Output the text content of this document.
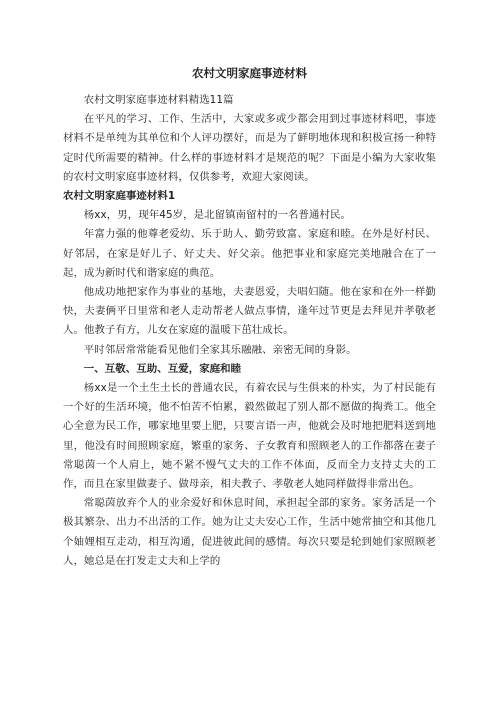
农村文明家庭事迹材料

农村文明家庭事迹材料精选11篇

在平凡的学习、工作、生活中，大家或多或少都会用到过事迹材料吧，事迹材料不是单纯为其单位和个人评功摆好，而是为了鲜明地体现和积极宣扬一种特定时代所需要的精神。什么样的事迹材料才是规范的呢？下面是小编为大家收集的农村文明家庭事迹材料，仅供参考，欢迎大家阅读。

农村文明家庭事迹材料1

杨xx，男，现年45岁，是北留镇南留村的一名普通村民。

年富力强的他尊老爱幼、乐于助人、勤劳致富、家庭和睦。在外是好村民、好邻居，在家是好儿子、好丈夫、好父亲。他把事业和家庭完美地融合在了一起，成为新时代和谐家庭的典范。

他成功地把家作为事业的基地，夫妻恩爱，夫唱妇随。他在家和在外一样勤快，夫妻俩平日里常和老人走动帮老人做点事情，逢年过节更是去拜见并孝敬老人。他教子有方，儿女在家庭的温暖下茁壮成长。

平时邻居常常能看见他们全家其乐融融、亲密无间的身影。

一、互敬、互助、互爱，家庭和睦

杨xx是一个土生土长的普通农民，有着农民与生俱来的朴实，为了村民能有一个好的生活环境，他不怕苦不怕累，毅然做起了别人都不愿做的掏粪工。他全心全意为民工作，哪家地里要上肥，只要言语一声，他就会及时地把肥料送到地里，他没有时间照顾家庭，繁重的家务、子女教育和照顾老人的工作都落在妻子常聪茵一个人肩上，她不紧不慢气丈夫的工作不体面，反而全力支持丈夫的工作，而且在家里做妻子、做母亲，相夫教子、孝敬老人她同样做得非常出色。

常聪茵放弃个人的业余爱好和休息时间，承担起全部的家务。家务活是一个极其繁杂、出力不出活的工作。她为让丈夫安心工作，生活中她常抽空和其他几个妯娌相互走动，相互沟通，促进彼此间的感情。每次只要是轮到她们家照顾老人，她总是在打发走丈夫和上学的
